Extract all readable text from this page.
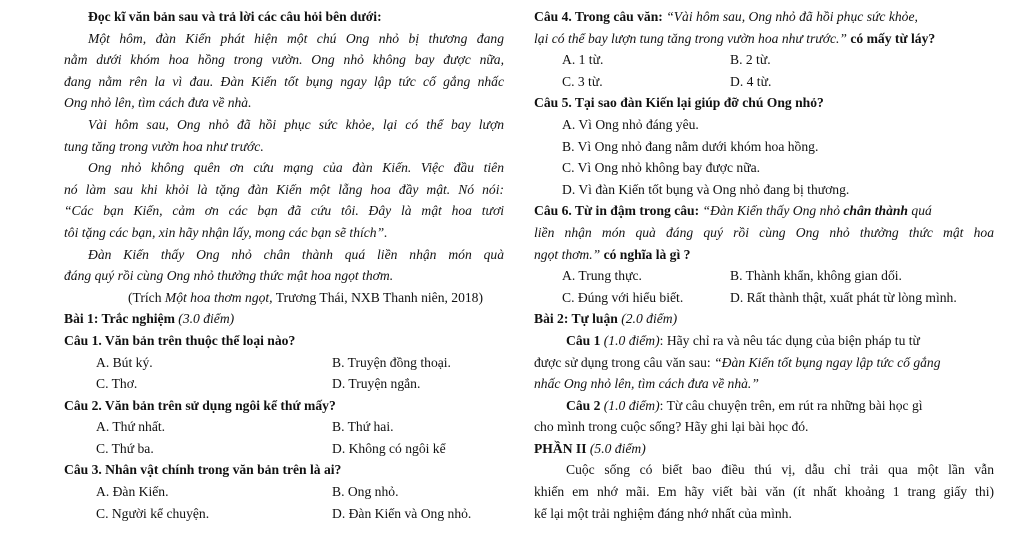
Đọc kĩ văn bản sau và trả lời các câu hỏi bên dưới:
Một hôm, đàn Kiến phát hiện một chú Ong nhỏ bị thương đang
nằm dưới khóm hoa hồng trong vườn. Ong nhỏ không bay được nữa,
đang nằm rên la vì đau. Đàn Kiến tốt bụng ngay lập tức cố gắng nhấc
Ong nhỏ lên, tìm cách đưa về nhà.
Vài hôm sau, Ong nhỏ đã hồi phục sức khỏe, lại có thể bay lượn
tung tăng trong vườn hoa như trước.
Ong nhỏ không quên ơn cứu mạng của đàn Kiến. Việc đầu tiên
nó làm sau khi khỏi là tặng đàn Kiến một lẵng hoa đầy mật. Nó nói:
“Các bạn Kiến, cảm ơn các bạn đã cứu tôi. Đây là mật hoa tươi
tôi tặng các bạn, xin hãy nhận lấy, mong các bạn sẽ thích”.
Đàn Kiến thấy Ong nhỏ chân thành quá liền nhận món quà
đáng quý rồi cùng Ong nhỏ thưởng thức mật hoa ngọt thơm.
(Trích Một hoa thơm ngọt, Trương Thái, NXB Thanh niên, 2018)
Bài 1: Trắc nghiệm (3.0 điểm)
Câu 1. Văn bản trên thuộc thể loại nào?
A. Bút ký.	B. Truyện đồng thoại.
C. Thơ.	D. Truyện ngắn.
Câu 2. Văn bản trên sử dụng ngôi kể thứ mấy?
A. Thứ nhất.	B. Thứ hai.
C. Thứ ba.	D. Không có ngôi kể
Câu 3. Nhân vật chính trong văn bản trên là ai?
A. Đàn Kiến.	B. Ong nhỏ.
C. Người kể chuyện.	D. Đàn Kiến và Ong nhỏ.
Câu 4. Trong câu văn: “Vài hôm sau, Ong nhỏ đã hồi phục sức khỏe,
lại có thể bay lượn tung tăng trong vườn hoa như trước.” có mấy từ láy?
A. 1 từ.	B. 2 từ.
C. 3 từ.	D. 4 từ.
Câu 5. Tại sao đàn Kiến lại giúp đỡ chú Ong nhỏ?
A. Vì Ong nhỏ đáng yêu.
B. Vì Ong nhỏ đang nằm dưới khóm hoa hồng.
C. Vì Ong nhỏ không bay được nữa.
D. Vì đàn Kiến tốt bụng và Ong nhỏ đang bị thương.
Câu 6. Từ in đậm trong câu: “Đàn Kiến thấy Ong nhỏ chân thành quá
liền nhận món quà đáng quý rồi cùng Ong nhỏ thưởng thức mật hoa
ngọt thơm.” có nghĩa là gì ?
A. Trung thực.	B. Thành khẩn, không gian dối.
C. Đúng với hiểu biết.	D. Rất thành thật, xuất phát từ lòng mình.
Bài 2: Tự luận (2.0 điểm)
Câu 1 (1.0 điểm): Hãy chỉ ra và nêu tác dụng của biện pháp tu từ
được sử dụng trong câu văn sau: “Đàn Kiến tốt bụng ngay lập tức cố gắng
nhấc Ong nhỏ lên, tìm cách đưa về nhà.”
Câu 2 (1.0 điểm): Từ câu chuyện trên, em rút ra những bài học gì
cho mình trong cuộc sống? Hãy ghi lại bài học đó.
PHẦN II (5.0 điểm)
Cuộc sống có biết bao điều thú vị, dẫu chỉ trải qua một lần vẫn
khiến em nhớ mãi. Em hãy viết bài văn (ít nhất khoảng 1 trang giấy thi)
kể lại một trải nghiệm đáng nhớ nhất của mình.
